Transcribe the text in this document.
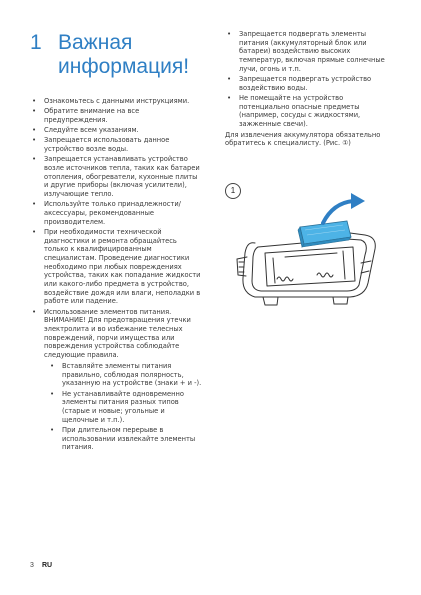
1 Важная
информация!
• Ознакомьтесь с данными инструкциями.
• Обратите внимание на все предупреждения.
• Следуйте всем указаниям.
• Запрещается использовать данное устройство возле воды.
• Запрещается устанавливать устройство возле источников тепла, таких как батареи отопления, обогреватели, кухонные плиты и другие приборы (включая усилители), излучающие тепло.
• Используйте только принадлежности/аксессуары, рекомендованные производителем.
• При необходимости технической диагностики и ремонта обращайтесь только к квалифицированным специалистам. Проведение диагностики необходимо при любых повреждениях устройства, таких как попадание жидкости или какого-либо предмета в устройство, воздействие дождя или влаги, неполадки в работе или падение.
• Использование элементов питания. ВНИМАНИЕ! Для предотвращения утечки электролита и во избежание телесных повреждений, порчи имущества или повреждения устройства соблюдайте следующие правила.
• Вставляйте элементы питания правильно, соблюдая полярность, указанную на устройстве (знаки + и -).
• Не устанавливайте одновременно элементы питания разных типов (старые и новые; угольные и щелочные и т.п.).
• При длительном перерыве в использовании извлекайте элементы питания.
• Запрещается подвергать элементы питания (аккумуляторный блок или батареи) воздействию высоких температур, включая прямые солнечные лучи, огонь и т.п.
• Запрещается подвергать устройство воздействию воды.
• Не помещайте на устройство потенциально опасные предметы (например, сосуды с жидкостями, зажженные свечи).

Для извлечения аккумулятора обязательно обратитесь к специалисту. (Рис. ①)

1
3 RU
